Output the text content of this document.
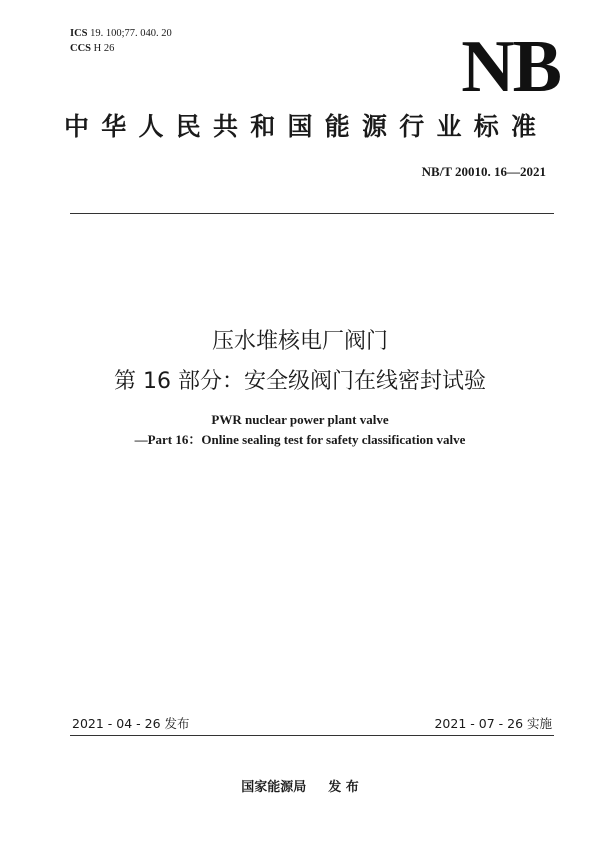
ICS 19. 100;77. 040. 20
CCS H 26	NB
中华人民共和国能源行业标准
NB/T 20010. 16—2021
压水堆核电厂阀门
第 16 部分：安全级阀门在线密封试验
PWR nuclear power plant valve
—Part 16：Online sealing test for safety classification valve
2021 - 04 - 26 发布	2021 - 07 - 26 实施
国家能源局 发 布
